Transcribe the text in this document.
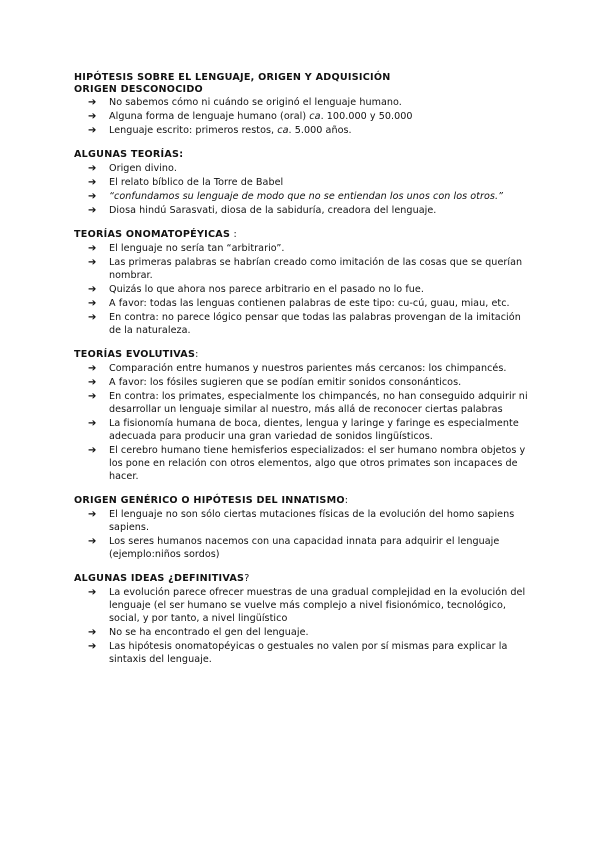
HIPÓTESIS SOBRE EL LENGUAJE, ORIGEN Y ADQUISICIÓN

ORIGEN DESCONOCIDO

➔ No sabemos cómo ni cuándo se originó el lenguaje humano.
➔ Alguna forma de lenguaje humano (oral) ca. 100.000 y 50.000
➔ Lenguaje escrito: primeros restos, ca. 5.000 años.

ALGUNAS TEORÍAS:

➔ Origen divino.
➔ El relato bíblico de la Torre de Babel
➔ “confundamos su lenguaje de modo que no se entiendan los unos con los otros.”
➔ Diosa hindú Sarasvati, diosa de la sabiduría, creadora del lenguaje.

TEORÍAS ONOMATOPÉYICAS :

➔ El lenguaje no sería tan “arbitrario”.
➔ Las primeras palabras se habrían creado como imitación de las cosas que se querían nombrar.
➔ Quizás lo que ahora nos parece arbitrario en el pasado no lo fue.
➔ A favor: todas las lenguas contienen palabras de este tipo: cu-cú, guau, miau, etc.
➔ En contra: no parece lógico pensar que todas las palabras provengan de la imitación de la naturaleza.

TEORÍAS EVOLUTIVAS:

➔ Comparación entre humanos y nuestros parientes más cercanos: los chimpancés.
➔ A favor: los fósiles sugieren que se podían emitir sonidos consonánticos.
➔ En contra: los primates, especialmente los chimpancés, no han conseguido adquirir ni desarrollar un lenguaje similar al nuestro, más allá de reconocer ciertas palabras
➔ La fisionomía humana de boca, dientes, lengua y laringe y faringe es especialmente adecuada para producir una gran variedad de sonidos lingüísticos.
➔ El cerebro humano tiene hemisferios especializados: el ser humano nombra objetos y los pone en relación con otros elementos, algo que otros primates son incapaces de hacer.

ORIGEN GENÉRICO O HIPÓTESIS DEL INNATISMO:

➔ El lenguaje no son sólo ciertas mutaciones físicas de la evolución del homo sapiens sapiens.
➔ Los seres humanos nacemos con una capacidad innata para adquirir el lenguaje (ejemplo:niños sordos)

ALGUNAS IDEAS ¿DEFINITIVAS?

➔ La evolución parece ofrecer muestras de una gradual complejidad en la evolución del lenguaje (el ser humano se vuelve más complejo a nivel fisionómico, tecnológico, social, y por tanto, a nivel lingüístico
➔ No se ha encontrado el gen del lenguaje.
➔ Las hipótesis onomatopéyicas o gestuales no valen por sí mismas para explicar la sintaxis del lenguaje.
